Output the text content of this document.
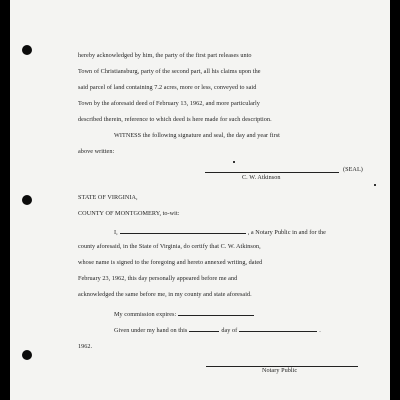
hereby acknowledged by him, the party of the first part releases unto
Town of Christiansburg, party of the second part, all his claims upon the
said parcel of land containing 7.2 acres, more or less, conveyed to said
Town by the aforesaid deed of February 13, 1962, and more particularly
described therein, reference to which deed is here made for such description.
WITNESS the following signature and seal, the day and year first
above written:
(SEAL)
C. W. Atkinson
STATE OF VIRGINIA,
COUNTY OF MONTGOMERY, to-wit:
I,	, a Notary Public in and for the
county aforesaid, in the State of Virginia, do certify that C. W. Atkinson,
whose name is signed to the foregoing and hereto annexed writing, dated
February 23, 1962, this day personally appeared before me and
acknowledged the same before me, in my county and state aforesaid.
My commission expires:
Given under my hand on this	day of	.
1962.
Notary Public
